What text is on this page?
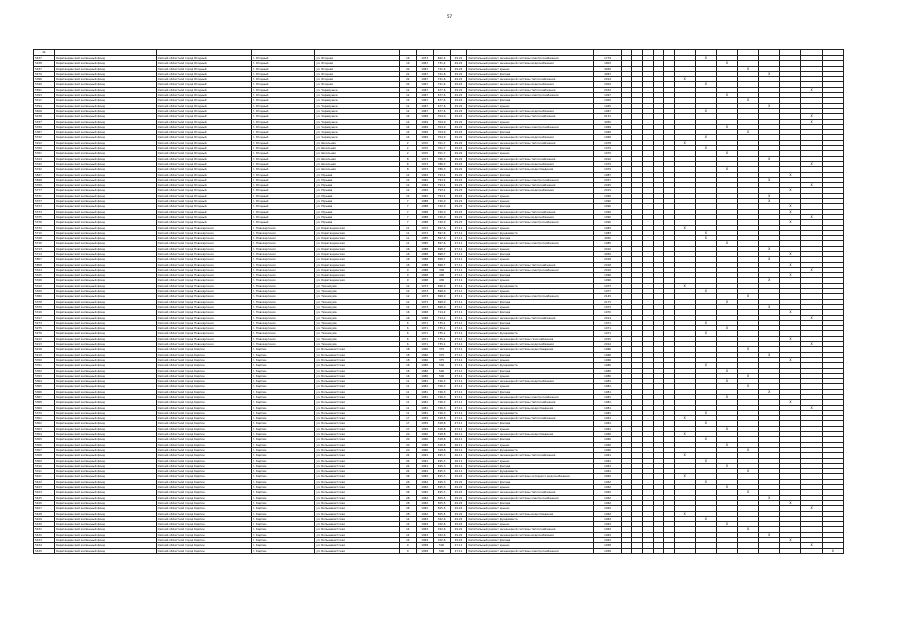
57
№																							
5437	Карагандинский жилищный фонд	Омский областной город Ягодный	г. Ягодный	ул. Ягодная	16	1973	822,2	29.22	Капитальный ремонт инженерной системы электроснабжения	1779							X						
5438	Карагандинский жилищный фонд	Омский областной город Ягодный	г. Ягодный	ул. Ягодная	19	1967	731,4	29.22	Капитальный ремонт инженерной системы водоснабжения	1803								X					
5437	Карагандинский жилищный фонд	Омский областной город Ягодный	г. Ягодный	ул. Ягодная	22	1967	721,6	29.22	Капитальный ремонт крыши	4950									X				
5479	Карагандинский жилищный фонд	Омский областной город Ягодный	г. Ягодный	ул. Ягодная	22	1967	721,6	29.22	Капитальный ремонт фасада	4967										X			
5396	Карагандинский жилищный фонд	Омский областной город Ягодный	г. Ягодный	ул. Ягодная	22	1967	721,6	29.22	Капитальный ремонт инженерной системы теплоснабжения	2014						X							
5349	Карагандинский жилищный фонд	Омский областной город Ягодный	г. Ягодный	ул. Ягодная	22	1967	721,6	29.22	Капитальный ремонт инженерной системы водоснабжения	2004							X						
5591	Карагандинский жилищный фонд	Омский областной город Ягодный	г. Ягодный	ул. Черемушки	12	1967	677,6	29.22	Капитальный ремонт инженерной системы теплоснабжения	2032												X	
5393	Карагандинский жилищный фонд	Омский областной город Ягодный	г. Ягодный	ул. Черемушки	12	1967	677,6	29.22	Капитальный ремонт инженерной системы электроснабжения	1997								X					
5411	Карагандинский жилищный фонд	Омский областной город Ягодный	г. Ягодный	ул. Черемушки	12	1967	677,6	29.22	Капитальный ремонт фасада	1905									X				
5394	Карагандинский жилищный фонд	Омский областной город Ягодный	г. Ягодный	ул. Черемушки	12	1967	677,6	29.22	Капитальный ремонт крыши	1945										X			
5406	Карагандинский жилищный фонд	Омский областной город Ягодный	г. Ягодный	ул. Черемушки	12	1967	677,6	29.22	Капитальный ремонт инженерной системы водоснабжения	1967							X						
5438	Карагандинский жилищный фонд	Омский областной город Ягодный	г. Ягодный	ул. Черемушки	14	1969	704,9	29.22	Капитальный ремонт инженерной системы теплоснабжения	2131												X	
5337	Карагандинский жилищный фонд	Омский областной город Ягодный	г. Ягодный	ул. Черемушки	14	1969	704,9	29.22	Капитальный ремонт крыши	4950												X	
5339	Карагандинский жилищный фонд	Омский областной город Ягодный	г. Ягодный	ул. Черемушки	14	1969	704,9	29.22	Капитальный ремонт инженерной системы электроснабжения	1969								X					
5387	Карагандинский жилищный фонд	Омский областной город Ягодный	г. Ягодный	ул. Черемушки	14	1969	704,9	29.22	Капитальный ремонт фасада	1969									X				
5742	Карагандинский жилищный фонд	Омский областной город Ягодный	г. Ягодный	ул. Черемушки	14	1969	704,9	29.22	Капитальный ремонт инженерной системы водоснабжения	1969							X						
5912	Карагандинский жилищный фонд	Омский областной город Ягодный	г. Ягодный	ул. Школьная	2	1970	701,7	29.22	Капитальный ремонт инженерной системы теплоснабжения	1978						X							
5760	Карагандинский жилищный фонд	Омский областной город Ягодный	г. Ягодный	ул. Школьная	2	1970	701,7	29.22	Капитальный ремонт фасада	1979							X						
5761	Карагандинский жилищный фонд	Омский областной город Ягодный	г. Ягодный	ул. Школьная	2	1970	701,7	29.22	Капитальный ремонт крыши	1979								X					
5314	Карагандинский жилищный фонд	Омский областной город Ягодный	г. Ягодный	ул. Школьная	8	1973	786,3	29.22	Капитальный ремонт инженерной системы теплоснабжения	2010										X			
5342	Карагандинский жилищный фонд	Омский областной город Ягодный	г. Ягодный	ул. Школьная	8	1973	786,3	29.22	Капитальный ремонт инженерной системы водоснабжения	1979												X	
5742	Карагандинский жилищный фонд	Омский областной город Ягодный	г. Ягодный	ул. Школьная	8	1973	786,3	29.22	Капитальный ремонт инженерной системы водоотведения	1979								X					
5847	Карагандинский жилищный фонд	Омский областной город Ягодный	г. Ягодный	ул. Юрьева	12	1962	793,4	29.22	Капитальный ремонт фасада	1987											X		
5848	Карагандинский жилищный фонд	Омский областной город Ягодный	г. Ягодный	ул. Юрьева	12	1962	793,4	29.22	Капитальный ремонт инженерной системы электроснабжения	2057										X			
5769	Карагандинский жилищный фонд	Омский областной город Ягодный	г. Ягодный	ул. Юрьева	12	1962	793,4	29.22	Капитальный ремонт инженерной системы теплоснабжения	2045												X	
5777	Карагандинский жилищный фонд	Омский областной город Ягодный	г. Ягодный	ул. Юрьева	12	1962	793,4	29.22	Капитальный ремонт инженерной системы водоснабжения	2015											X		
5371	Карагандинский жилищный фонд	Омский областной город Ягодный	г. Ягодный	ул. Юрьева	12	1962	793,4	29.22	Капитальный ремонт крыши	1995										X			
5377	Карагандинский жилищный фонд	Омский областной город Ягодный	г. Ягодный	ул. Юрьева	7	1988	740,0	29.22	Капитальный ремонт крыши	1990										X			
5373	Карагандинский жилищный фонд	Омский областной город Ягодный	г. Ягодный	ул. Юрьева	7	1988	740,0	29.22	Капитальный ремонт фасада	1990											X		
5374	Карагандинский жилищный фонд	Омский областной город Ягодный	г. Ягодный	ул. Юрьева	7	1988	740,0	29.22	Капитальный ремонт инженерной системы теплоснабжения	1990											X		
5375	Карагандинский жилищный фонд	Омский областной город Ягодный	г. Ягодный	ул. Юрьева	7	1988	740,0	29.22	Капитальный ремонт инженерной системы водоснабжения	1990												X	
5376	Карагандинский жилищный фонд	Омский областной город Ягодный	г. Ягодный	ул. Юрьева	7	1988	740,0	29.22	Капитальный ремонт инженерной системы электроснабжения	1990											X		
5372	Карагандинский жилищный фонд	Омский областной город Новокаргинск	г. Новокаргинск	ул. Карагандинская	11	1972	597,6	27.11	Капитальный ремонт крыши	1983						X							
5710	Карагандинский жилищный фонд	Омский областной город Новокаргинск	г. Новокаргинск	ул. Карагандинская	11	1972	597,6	27.11	Капитальный ремонт фундамента	1983							X						
5708	Карагандинский жилищный фонд	Омский областной город Новокаргинск	г. Новокаргинск	ул. Карагандинская	11	1985	597,6	27.11	Капитальный ремонт фасада	4950							X						
5716	Карагандинский жилищный фонд	Омский областной город Новокаргинск	г. Новокаргинск	ул. Карагандинская	11	1985	597,6	27.11	Капитальный ремонт инженерной системы электроснабжения	1985								X					
5713	Карагандинский жилищный фонд	Омский областной город Новокаргинск	г. Новокаргинск	ул. Карагандинская	16	1988	698,7	27.11	Капитальный ремонт крыши	2010										X			
5714	Карагандинский жилищный фонд	Омский областной город Новокаргинск	г. Новокаргинск	ул. Карагандинская	16	1988	698,7	27.11	Капитальный ремонт фасада	4950											X		
5857	Карагандинский жилищный фонд	Омский областной город Новокаргинск	г. Новокаргинск	ул. Карагандинская	16	1988	698,7	27.11	Капитальный ремонт крыши	2018										X			
5858	Карагандинский жилищный фонд	Омский областной город Новокаргинск	г. Новокаргинск	ул. Карагандинская	16	1988	698,7	27.11	Капитальный ремонт инженерной системы теплоснабжения	2018											X		
5324	Карагандинский жилищный фонд	Омский областной город Новокаргинск	г. Новокаргинск	ул. Карагандинская	9	1968	436	27.11	Капитальный ремонт инженерной системы электроснабжения	2016												X	
5325	Карагандинский жилищный фонд	Омский областной город Новокаргинск	г. Новокаргинск	ул. Карагандинская	9	1968	436	27.11	Капитальный ремонт фасада	1996											X		
5326	Карагандинский жилищный фонд	Омский областной город Новокаргинск	г. Новокаргинск	ул. Карагандинская	9	1968	436	27.11	Капитальный ремонт крыши	1996										X			
5319	Карагандинский жилищный фонд	Омский областной город Новокаргинск	г. Новокаргинск	ул. Техникума	12	1973	698,0	27.11	Капитальный ремонт фундамента	1973						X							
5320	Карагандинский жилищный фонд	Омский областной город Новокаргинск	г. Новокаргинск	ул. Техникума	12	1973	698,0	27.11	Капитальный ремонт крыши	1977							X						
5380	Карагандинский жилищный фонд	Омский областной город Новокаргинск	г. Новокаргинск	ул. Техникума	12	1973	698,0	27.11	Капитальный ремонт инженерной системы электроснабжения	2145									X				
5378	Карагандинский жилищный фонд	Омский областной город Новокаргинск	г. Новокаргинск	ул. Техникума	12	1973	698,0	27.11	Капитальный ремонт фасада	2173								X					
5379	Карагандинский жилищный фонд	Омский областной город Новокаргинск	г. Новокаргинск	ул. Техникума	12	1973	698,0	27.11	Капитальный ремонт крыши	1973										X			
5316	Карагандинский жилищный фонд	Омский областной город Новокаргинск	г. Новокаргинск	ул. Техникума	16	1968	714,2	27.11	Капитальный ремонт фасада	1970											X		
5317	Карагандинский жилищный фонд	Омский областной город Новокаргинск	г. Новокаргинск	ул. Техникума	16	1968	714,2	27.11	Капитальный ремонт инженерной системы теплоснабжения	2014												X	
5274	Карагандинский жилищный фонд	Омский областной город Новокаргинск	г. Новокаргинск	ул. Техникума	6	1971	735,1	27.11	Капитальный ремонт фасада	1971							X						
5275	Карагандинский жилищный фонд	Омский областной город Новокаргинск	г. Новокаргинск	ул. Техникума	6	1971	735,1	27.11	Капитальный ремонт крыши	1971								X					
5276	Карагандинский жилищный фонд	Омский областной город Новокаргинск	г. Новокаргинск	ул. Техникума	6	1971	735,1	27.11	Капитальный ремонт фундамента	1971							X						
5212	Карагандинский жилищный фонд	Омский областной город Новокаргинск	г. Новокаргинск	ул. Техникума	6	1971	735,1	27.11	Капитальный ремонт инженерной системы газоснабжения	2015											X		
5213	Карагандинский жилищный фонд	Омский областной город Новокаргинск	г. Новокаргинск	ул. Техникума	6	1971	735,1	27.11	Капитальный ремонт инженерной системы водоснабжения	2014												X	
5218	Карагандинский жилищный фонд	Омский областной город Карпин	г. Карпин	ул. Большевистская	18	1960	375	27.11	Капитальный ремонт инженерной системы водоотведения	1966									X				
5219	Карагандинский жилищный фонд	Омский областной город Карпин	г. Карпин	ул. Большевистская	18	1960	375	27.11	Капитальный ремонт фасада	1966										X			
5760	Карагандинский жилищный фонд	Омский областной город Карпин	г. Карпин	ул. Большевистская	18	1960	375	27.11	Капитальный ремонт крыши	1966											X		
5761	Карагандинский жилищный фонд	Омский областной город Карпин	г. Карпин	ул. Большевистская	16	1980	500	27.11	Капитальный ремонт фундамента	1980							X						
5762	Карагандинский жилищный фонд	Омский областной город Карпин	г. Карпин	ул. Большевистская	16	1980	500	27.11	Капитальный ремонт фасада	1980								X					
5763	Карагандинский жилищный фонд	Омский областной город Карпин	г. Карпин	ул. Большевистская	16	1980	500	27.11	Капитальный ремонт крыши	1980									X				
5364	Карагандинский жилищный фонд	Омский областной город Карпин	г. Карпин	ул. Большевистская	11	1981	726,3	27.11	Капитальный ремонт инженерной системы водоснабжения	1981								X					
5365	Карагандинский жилищный фонд	Омский областной город Карпин	г. Карпин	ул. Большевистская	11	1981	726,3	27.11	Капитальный ремонт крыши	1981									X				
5366	Карагандинский жилищный фонд	Омский областной город Карпин	г. Карпин	ул. Большевистская	11	1981	726,3	27.11	Капитальный ремонт фасада	1981										X			
5367	Карагандинский жилищный фонд	Омский областной город Карпин	г. Карпин	ул. Большевистская	11	1981	726,3	27.11	Капитальный ремонт инженерной системы электроснабжения	1981								X					
5368	Карагандинский жилищный фонд	Омский областной город Карпин	г. Карпин	ул. Большевистская	11	1981	726,3	27.11	Капитальный ремонт инженерной системы теплоснабжения	1981											X		
5369	Карагандинский жилищный фонд	Омский областной город Карпин	г. Карпин	ул. Большевистская	11	1981	726,3	27.11	Капитальный ремонт инженерной системы водоотведения	1981												X	
5370	Карагандинский жилищный фонд	Омский областной город Карпин	г. Карпин	ул. Большевистская	11	1981	726,3	27.11	Капитальный ремонт фундамента	1981							X						
5301	Карагандинский жилищный фонд	Омский областной город Карпин	г. Карпин	ул. Большевистская	17	1959	318,8	27.11	Капитальный ремонт инженерной системы теплоснабжения	1961						X							
5302	Карагандинский жилищный фонд	Омский областной город Карпин	г. Карпин	ул. Большевистская	17	1959	318,8	27.11	Капитальный ремонт фасада	1961							X						
5303	Карагандинский жилищный фонд	Омский областной город Карпин	г. Карпин	ул. Большевистская	17	1959	318,8	27.11	Капитальный ремонт крыши	1961								X					
5304	Карагандинский жилищный фонд	Омский областной город Карпин	г. Карпин	ул. Большевистская	20	1960	318,8	26.11	Капитальный ремонт инженерной системы водоотведения	1960						X							
5305	Карагандинский жилищный фонд	Омский областной город Карпин	г. Карпин	ул. Большевистская	20	1960	318,8	26.11	Капитальный ремонт фасада	1960							X						
5306	Карагандинский жилищный фонд	Омский областной город Карпин	г. Карпин	ул. Большевистская	20	1960	318,8	26.11	Капитальный ремонт крыши	1960								X					
5307	Карагандинский жилищный фонд	Омский областной город Карпин	г. Карпин	ул. Большевистская	20	1960	318,8	26.11	Капитальный ремонт фундамента	1960									X				
5308	Карагандинский жилищный фонд	Омский областной город Карпин	г. Карпин	ул. Большевистская	24	1961	495,3	26.11	Капитальный ремонт инженерной системы теплоснабжения	1961						X							
5309	Карагандинский жилищный фонд	Омский областной город Карпин	г. Карпин	ул. Большевистская	24	1961	495,3	26.11	Капитальный ремонт крыши	1961							X						
5310	Карагандинский жилищный фонд	Омский областной город Карпин	г. Карпин	ул. Большевистская	24	1961	495,3	26.11	Капитальный ремонт фасада	1961								X					
5311	Карагандинский жилищный фонд	Омский областной город Карпин	г. Карпин	ул. Большевистская	24	1961	495,3	26.11	Капитальный ремонт фундамента	1961									X				
5421	Карагандинский жилищный фонд	Омский областной город Карпин	г. Карпин	ул. Большевистская	26	1962	495,3	29.22	Капитальный ремонт инженерной системы холодного водоснабжения	1962						X							
5422	Карагандинский жилищный фонд	Омский областной город Карпин	г. Карпин	ул. Большевистская	26	1962	495,3	29.22	Капитальный ремонт фасада	1962							X						
5423	Карагандинский жилищный фонд	Омский областной город Карпин	г. Карпин	ул. Большевистская	26	1962	495,3	29.22	Капитальный ремонт крыши	1962								X					
5424	Карагандинский жилищный фонд	Омский областной город Карпин	г. Карпин	ул. Большевистская	26	1962	495,3	29.22	Капитальный ремонт инженерной системы теплоснабжения	1962									X				
5425	Карагандинский жилищный фонд	Омский областной город Карпин	г. Карпин	ул. Большевистская	28	1962	505,5	29.22	Капитальный ремонт инженерной системы электроснабжения	1962										X			
5426	Карагандинский жилищный фонд	Омский областной город Карпин	г. Карпин	ул. Большевистская	28	1962	505,5	29.22	Капитальный ремонт фасада	1962											X		
5427	Карагандинский жилищный фонд	Омский областной город Карпин	г. Карпин	ул. Большевистская	28	1962	505,5	29.22	Капитальный ремонт крыши	1962												X	
5428	Карагандинский жилищный фонд	Омский областной город Карпин	г. Карпин	ул. Большевистская	28	1962	505,5	29.22	Капитальный ремонт инженерной системы водоотведения	1962						X							
5429	Карагандинский жилищный фонд	Омский областной город Карпин	г. Карпин	ул. Большевистская	14	1963	322,6	29.22	Капитальный ремонт фундамента	1963							X						
5430	Карагандинский жилищный фонд	Омский областной город Карпин	г. Карпин	ул. Большевистская	14	1963	322,6	29.22	Капитальный ремонт крыши	1963								X					
5431	Карагандинский жилищный фонд	Омский областной город Карпин	г. Карпин	ул. Большевистская	14	1963	322,6	29.22	Капитальный ремонт инженерной системы теплоснабжения	1963									X				
5432	Карагандинский жилищный фонд	Омский областной город Карпин	г. Карпин	ул. Большевистская	14	1963	322,6	29.22	Капитальный ремонт инженерной системы водоснабжения	1963										X			
5433	Карагандинский жилищный фонд	Омский областной город Карпин	г. Карпин	ул. Большевистская	14	1963	322,6	29.22	Капитальный ремонт фасада	1963											X		
5434	Карагандинский жилищный фонд	Омский областной город Карпин	г. Карпин	ул. Большевистская	9	1958	500	27.11	Капитальный ремонт крыши	1958												X	
5435	Карагандинский жилищный фонд	Омский областной город Карпин	г. Карпин	ул. Большевистская	9	1958	500	27.11	Капитальный ремонт инженерной системы электроснабжения	1958													X
